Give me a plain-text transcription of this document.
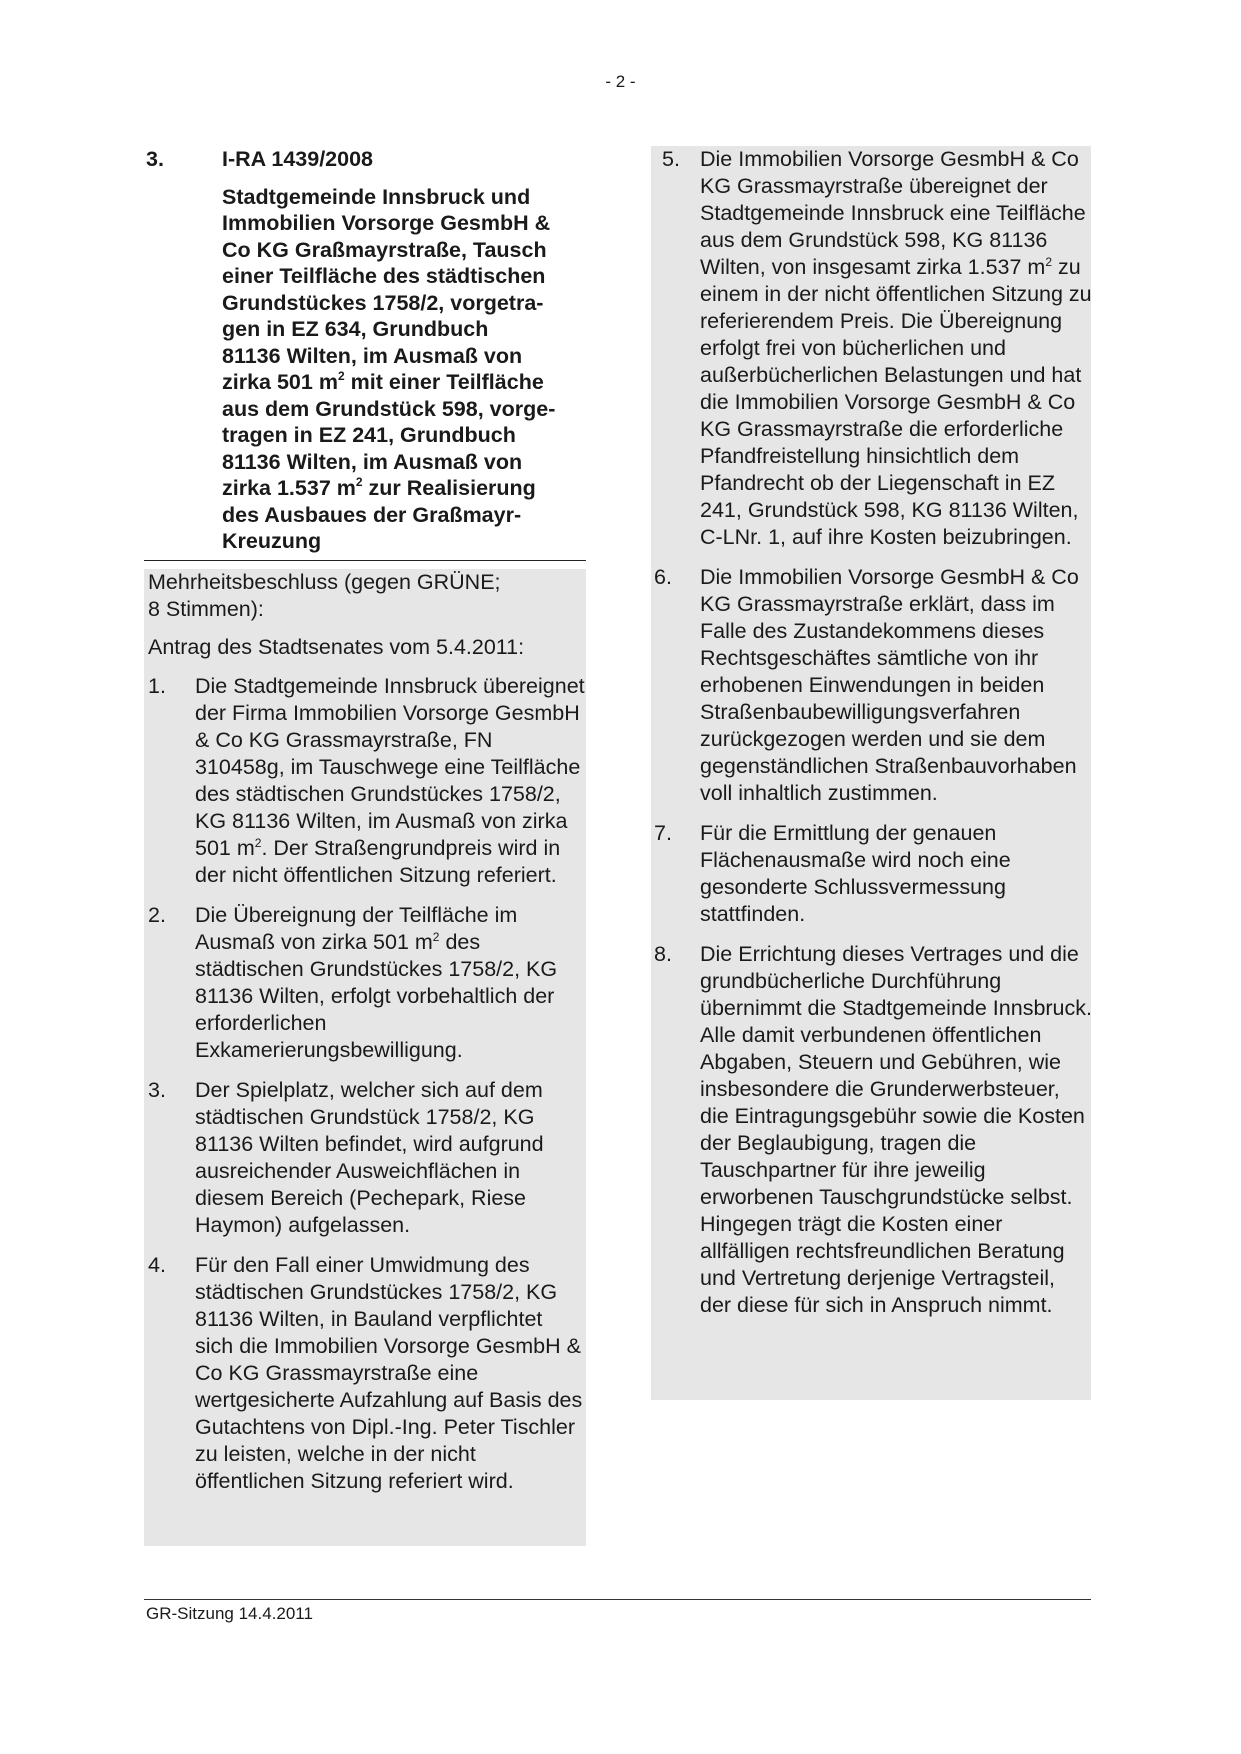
- 2 -
3.	I-RA 1439/2008
Stadtgemeinde Innsbruck und
Immobilien Vorsorge GesmbH &
Co KG Graßmayrstraße, Tausch
einer Teilfläche des städtischen
Grundstückes 1758/2, vorgetra-
gen in EZ 634, Grundbuch
81136 Wilten, im Ausmaß von
zirka 501 $m^2$ mit einer Teilfläche
aus dem Grundstück 598, vorge-
tragen in EZ 241, Grundbuch
81136 Wilten, im Ausmaß von
zirka 1.537 $m^2$ zur Realisierung
des Ausbaues der Graßmayr-
Kreuzung

Mehrheitsbeschluss (gegen GRÜNE; 8 Stimmen):

Antrag des Stadtsenates vom 5.4.2011:

1.	Die Stadtgemeinde Innsbruck übereignet der Firma Immobilien Vorsorge GesmbH & Co KG Grassmayrstraße, FN 310458g, im Tauschwege eine Teilfläche des städtischen Grundstückes 1758/2, KG 81136 Wilten, im Ausmaß von zirka 501 $m^2$. Der Straßengrundpreis wird in der nicht öffentlichen Sitzung referiert.
2.	Die Übereignung der Teilfläche im Ausmaß von zirka 501 $m^2$ des städtischen Grundstückes 1758/2, KG 81136 Wilten, erfolgt vorbehaltlich der erforderlichen Exkamerierungsbewilligung.
3.	Der Spielplatz, welcher sich auf dem städtischen Grundstück 1758/2, KG 81136 Wilten befindet, wird aufgrund ausreichender Ausweichflächen in diesem Bereich (Pechepark, Riese Haymon) aufgelassen.
4.	Für den Fall einer Umwidmung des städtischen Grundstückes 1758/2, KG 81136 Wilten, in Bauland verpflichtet sich die Immobilien Vorsorge GesmbH & Co KG Grassmayrstraße eine wertgesicherte Aufzahlung auf Basis des Gutachtens von Dipl.-Ing. Peter Tischler zu leisten, welche in der nicht öffentlichen Sitzung referiert wird.
5. Die Immobilien Vorsorge GesmbH & Co KG Grassmayrstraße übereignet der Stadtgemeinde Innsbruck eine Teilfläche aus dem Grundstück 598, KG 81136 Wilten, von insgesamt zirka 1.537 $m^2$ zu einem in der nicht öffentlichen Sitzung zu referierendem Preis. Die Übereignung erfolgt frei von bücherlichen und außerbücherlichen Belastungen und hat die Immobilien Vorsorge GesmbH & Co KG Grassmayrstraße die erforderliche Pfandfreistellung hinsichtlich dem Pfandrecht ob der Liegenschaft in EZ 241, Grundstück 598, KG 81136 Wilten, C-LNr. 1, auf ihre Kosten beizubringen.
6.	Die Immobilien Vorsorge GesmbH & Co KG Grassmayrstraße erklärt, dass im Falle des Zustandekommens dieses Rechtsgeschäftes sämtliche von ihr erhobenen Einwendungen in beiden Straßenbaubewilligungsverfahren zurückgezogen werden und sie dem gegenständlichen Straßenbauvorhaben voll inhaltlich zustimmen.
7.	Für die Ermittlung der genauen Flächenausmaße wird noch eine gesonderte Schlussvermessung stattfinden.
8.	Die Errichtung dieses Vertrages und die grundbücherliche Durchführung übernimmt die Stadtgemeinde Innsbruck. Alle damit verbundenen öffentlichen Abgaben, Steuern und Gebühren, wie insbesondere die Grunderwerbsteuer, die Eintragungsgebühr sowie die Kosten der Beglaubigung, tragen die Tauschpartner für ihre jeweilig erworbenen Tauschgrundstücke selbst. Hingegen trägt die Kosten einer allfälligen rechtsfreundlichen Beratung und Vertretung derjenige Vertragsteil, der diese für sich in Anspruch nimmt.
GR-Sitzung 14.4.2011
